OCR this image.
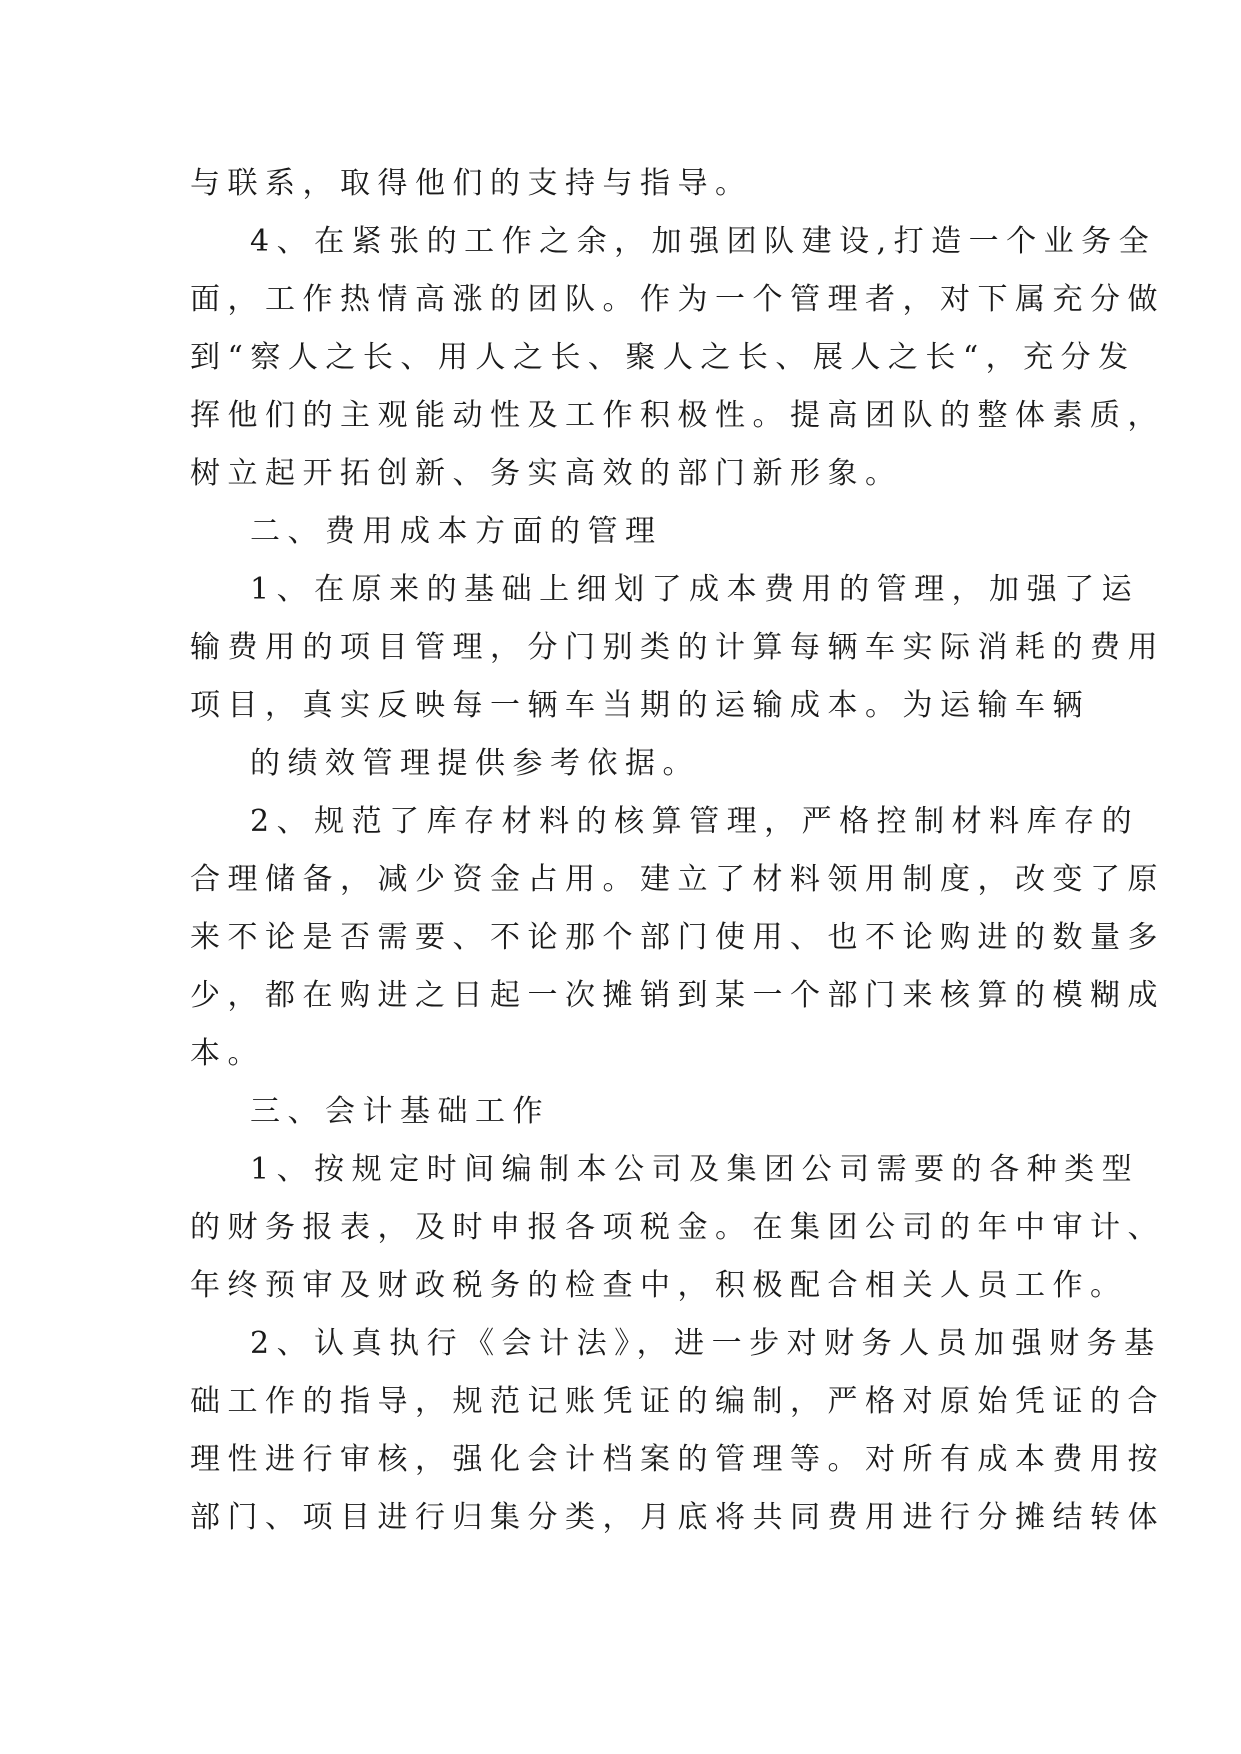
与联系，取得他们的支持与指导。
4、在紧张的工作之余，加强团队建设,打造一个业务全
面，工作热情高涨的团队。作为一个管理者，对下属充分做
到“察人之长、用人之长、聚人之长、展人之长“，充分发
挥他们的主观能动性及工作积极性。提高团队的整体素质，
树立起开拓创新、务实高效的部门新形象。
二、费用成本方面的管理
1、在原来的基础上细划了成本费用的管理，加强了运
输费用的项目管理，分门别类的计算每辆车实际消耗的费用
项目，真实反映每一辆车当期的运输成本。为运输车辆
的绩效管理提供参考依据。
2、规范了库存材料的核算管理，严格控制材料库存的
合理储备，减少资金占用。建立了材料领用制度，改变了原
来不论是否需要、不论那个部门使用、也不论购进的数量多
少，都在购进之日起一次摊销到某一个部门来核算的模糊成
本。
三、会计基础工作
1、按规定时间编制本公司及集团公司需要的各种类型
的财务报表，及时申报各项税金。在集团公司的年中审计、
年终预审及财政税务的检查中，积极配合相关人员工作。
2、认真执行《会计法》，进一步对财务人员加强财务基
础工作的指导，规范记账凭证的编制，严格对原始凭证的合
理性进行审核，强化会计档案的管理等。对所有成本费用按
部门、项目进行归集分类，月底将共同费用进行分摊结转体
